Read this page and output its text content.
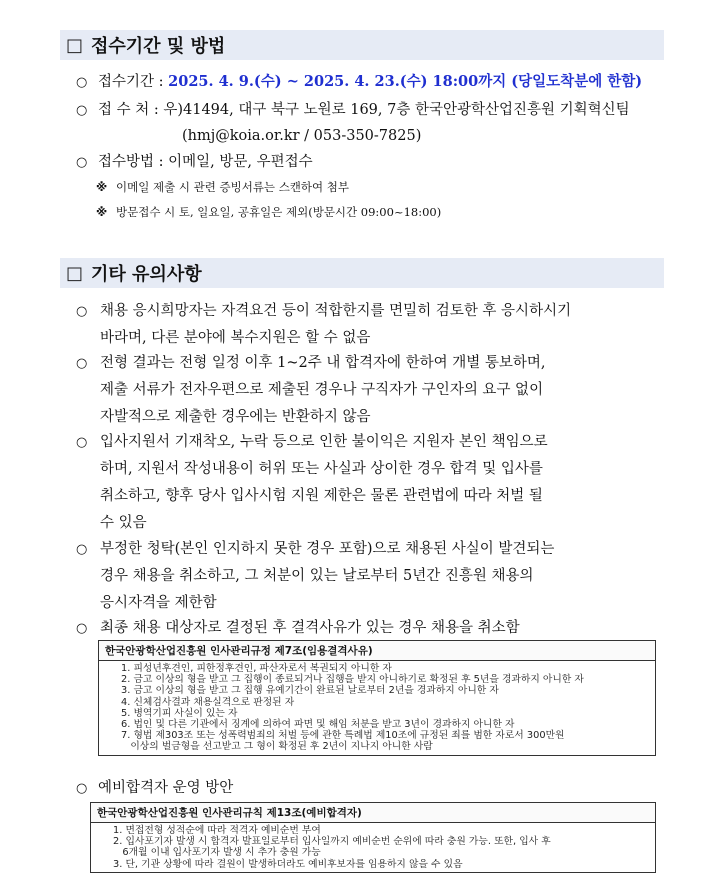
□ 접수기간 및 방법
○ 접수기간 : 2025. 4. 9.(수) ~ 2025. 4. 23.(수) 18:00까지 (당일도착분에 한함)
○ 접 수 처 : 우)41494, 대구 북구 노원로 169, 7층 한국안광학산업진흥원 기획혁신팀
(hmj@koia.or.kr / 053-350-7825)
○ 접수방법 : 이메일, 방문, 우편접수
※ 이메일 제출 시 관련 증빙서류는 스캔하여 첨부
※ 방문접수 시 토, 일요일, 공휴일은 제외(방문시간 09:00~18:00)
□ 기타 유의사항
○ 채용 응시희망자는 자격요건 등이 적합한지를 면밀히 검토한 후 응시하시기
바라며, 다른 분야에 복수지원은 할 수 없음
○ 전형 결과는 전형 일정 이후 1~2주 내 합격자에 한하여 개별 통보하며,
제출 서류가 전자우편으로 제출된 경우나 구직자가 구인자의 요구 없이
자발적으로 제출한 경우에는 반환하지 않음
○ 입사지원서 기재착오, 누락 등으로 인한 불이익은 지원자 본인 책임으로
하며, 지원서 작성내용이 허위 또는 사실과 상이한 경우 합격 및 입사를
취소하고, 향후 당사 입사시험 지원 제한은 물론 관련법에 따라 처벌 될
수 있음
○ 부정한 청탁(본인 인지하지 못한 경우 포함)으로 채용된 사실이 발견되는
경우 채용을 취소하고, 그 처분이 있는 날로부터 5년간 진흥원 채용의
응시자격을 제한함
○ 최종 채용 대상자로 결정된 후 결격사유가 있는 경우 채용을 취소함
한국안광학산업진흥원 인사관리규정 제7조(임용결격사유)
1. 피성년후견인, 피한정후견인, 파산자로서 복권되지 아니한 자
2. 금고 이상의 형을 받고 그 집행이 종료되거나 집행을 받지 아니하기로 확정된 후 5년을 경과하지 아니한 자
3. 금고 이상의 형을 받고 그 집행 유예기간이 완료된 날로부터 2년을 경과하지 아니한 자
4. 신체검사결과 채용실격으로 판정된 자
5. 병역기피 사실이 있는 자
6. 법인 및 다른 기관에서 징계에 의하여 파면 및 해임 처분을 받고 3년이 경과하지 아니한 자
7. 형법 제303조 또는 성폭력범죄의 처벌 등에 관한 특례법 제10조에 규정된 죄를 범한 자로서 300만원
이상의 벌금형을 선고받고 그 형이 확정된 후 2년이 지나지 아니한 사람
○ 예비합격자 운영 방안
한국안광학산업진흥원 인사관리규칙 제13조(예비합격자)
1. 면접전형 성적순에 따라 적격자 예비순번 부여
2. 입사포기자 발생 시 합격자 발표일로부터 입사일까지 예비순번 순위에 따라 충원 가능. 또한, 입사 후
6개월 이내 입사포기자 발생 시 추가 충원 가능
3. 단, 기관 상황에 따라 결원이 발생하더라도 예비후보자를 임용하지 않을 수 있음
